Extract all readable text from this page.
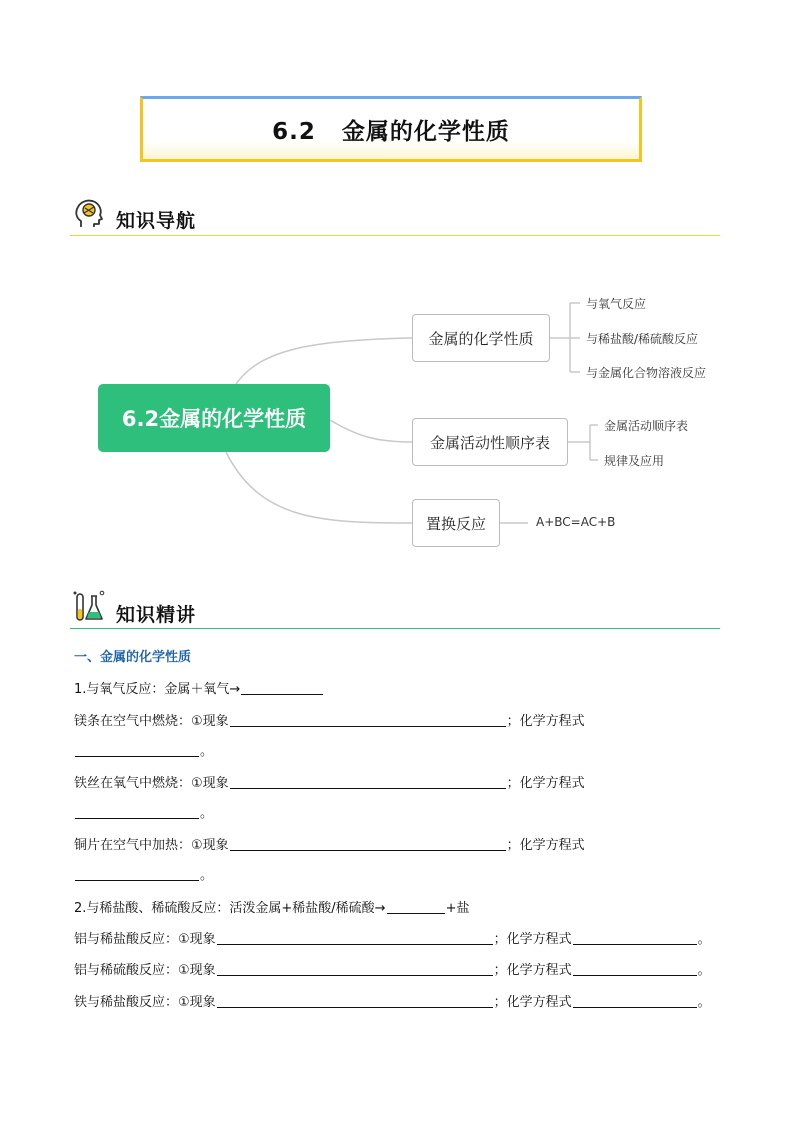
6.2 金属的化学性质
知识导航
6.2金属的化学性质
金属的化学性质
金属活动性顺序表
置换反应
与氧气反应
与稀盐酸/稀硫酸反应
与金属化合物溶液反应
金属活动顺序表
规律及应用
A+BC=AC+B
知识精讲
一、金属的化学性质
1.与氧气反应：金属＋氧气→
镁条在空气中燃烧：①现象	；化学方程式
。
铁丝在氧气中燃烧：①现象	；化学方程式
。
铜片在空气中加热：①现象	；化学方程式
。
2.与稀盐酸、稀硫酸反应：活泼金属+稀盐酸/稀硫酸→	+盐
铝与稀盐酸反应：①现象	；化学方程式	。
铝与稀硫酸反应：①现象	；化学方程式	。
铁与稀盐酸反应：①现象	；化学方程式	。
